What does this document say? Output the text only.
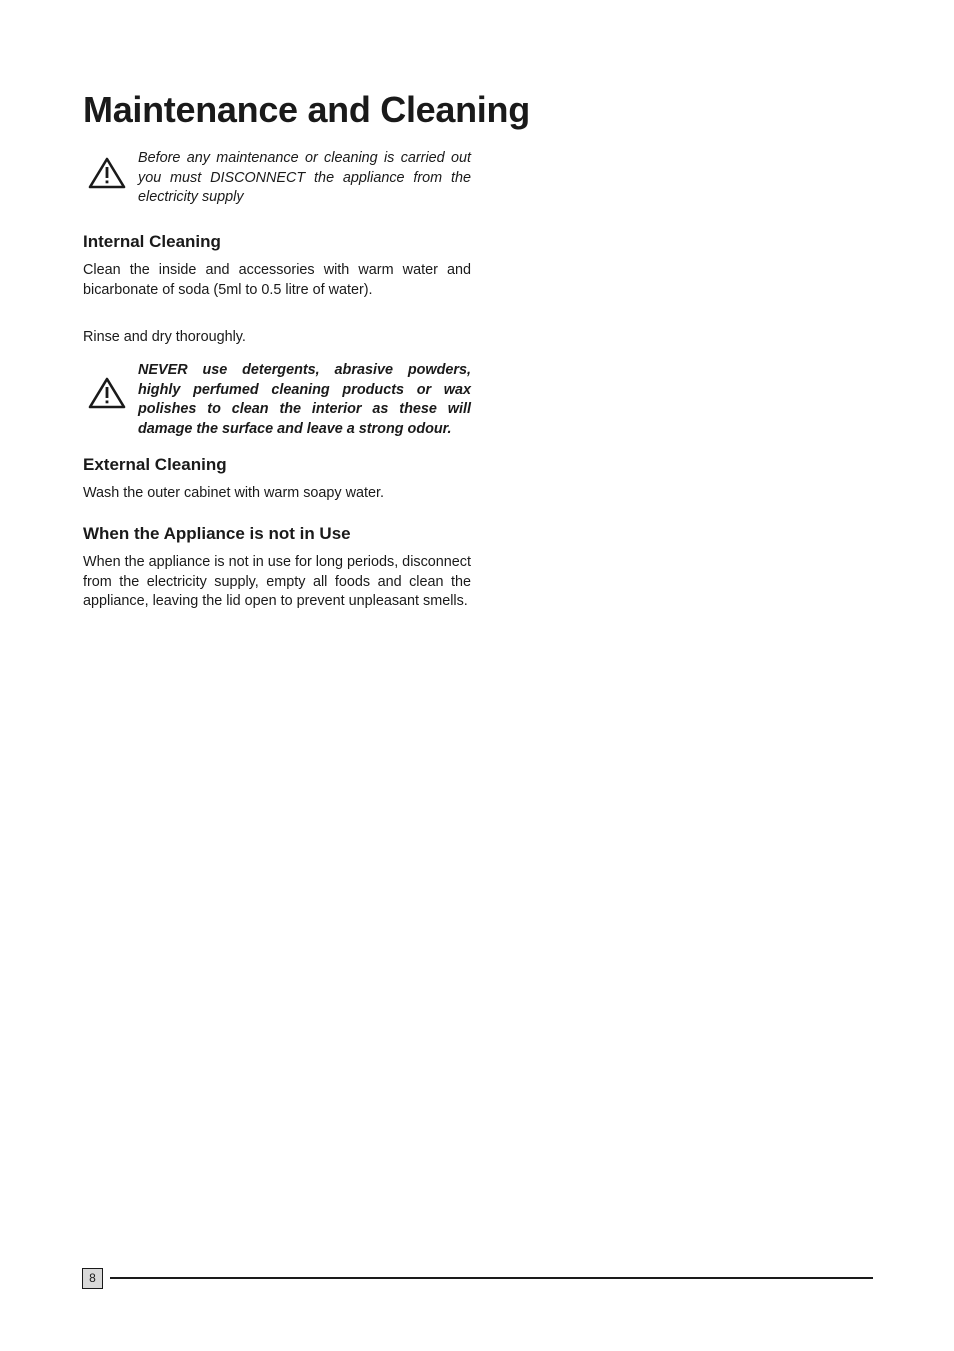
Maintenance and Cleaning

Before any maintenance or cleaning is carried out you must DISCONNECT the appliance from the electricity supply

Internal Cleaning

Clean the inside and accessories with warm water and bicarbonate of soda (5ml to 0.5 litre of water).

Rinse and dry thoroughly.

NEVER use detergents, abrasive powders, highly perfumed cleaning products or wax polishes to clean the interior as these will damage the surface and leave a strong odour.

External Cleaning

Wash the outer cabinet with warm soapy water.

When the Appliance is not in Use

When the appliance is not in use for long periods, disconnect from the electricity supply, empty all foods and clean the appliance, leaving the lid open to prevent unpleasant smells.

8
